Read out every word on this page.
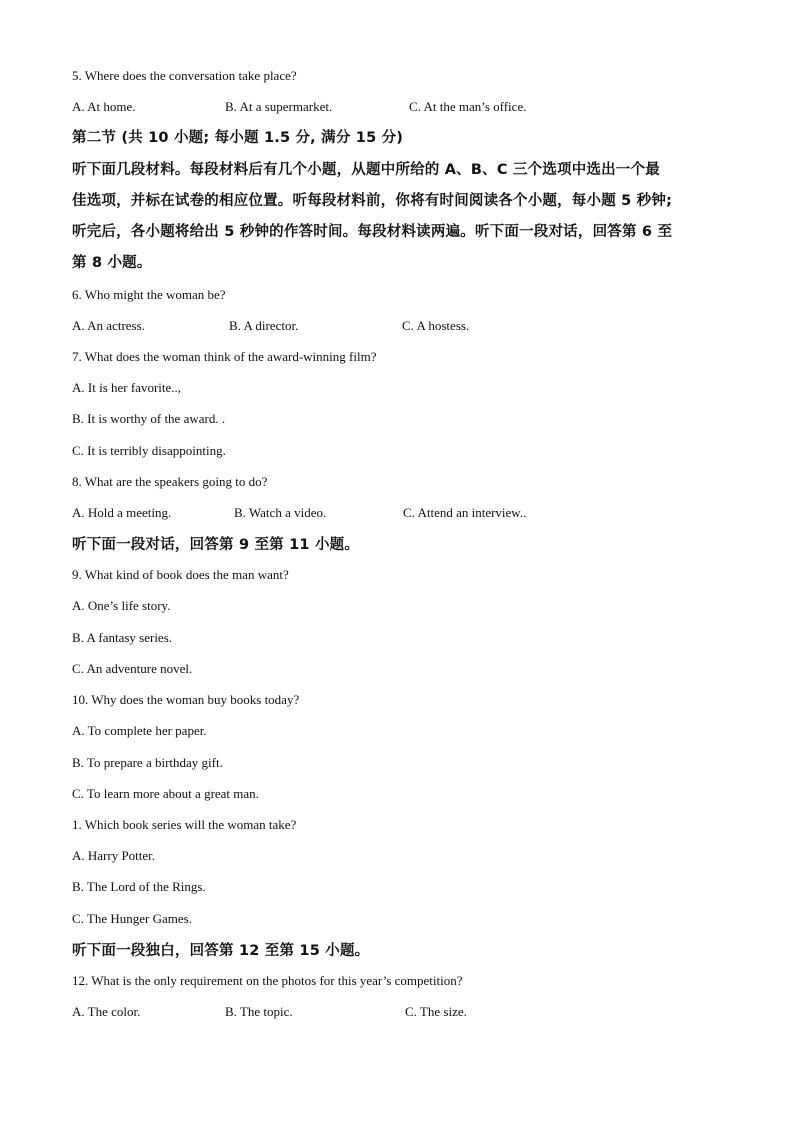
5. Where does the conversation take place?
A. At home.	B. At a supermarket.	C. At the man’s office.
第二节 (共 10 小题; 每小题 1.5 分, 满分 15 分)
听下面几段材料。每段材料后有几个小题，从题中所给的 A、B、C 三个选项中选出一个最
佳选项，并标在试卷的相应位置。听每段材料前，你将有时间阅读各个小题，每小题 5 秒钟;
听完后，各小题将给出 5 秒钟的作答时间。每段材料读两遍。听下面一段对话，回答第 6 至
第 8 小题。
6. Who might the woman be?
A. An actress.	B. A director.	C. A hostess.
7. What does the woman think of the award-winning film?
A. It is her favorite..,
B. It is worthy of the award. .
C. It is terribly disappointing.
8. What are the speakers going to do?
A. Hold a meeting.	B. Watch a video.	C. Attend an interview..
听下面一段对话，回答第 9 至第 11 小题。
9. What kind of book does the man want?
A. One’s life story.
B. A fantasy series.
C. An adventure novel.
10. Why does the woman buy books today?
A. To complete her paper.
B. To prepare a birthday gift.
C. To learn more about a great man.
1. Which book series will the woman take?
A. Harry Potter.
B. The Lord of the Rings.
C. The Hunger Games.
听下面一段独白，回答第 12 至第 15 小题。
12. What is the only requirement on the photos for this year’s competition?
A. The color.	B. The topic.	C. The size.
